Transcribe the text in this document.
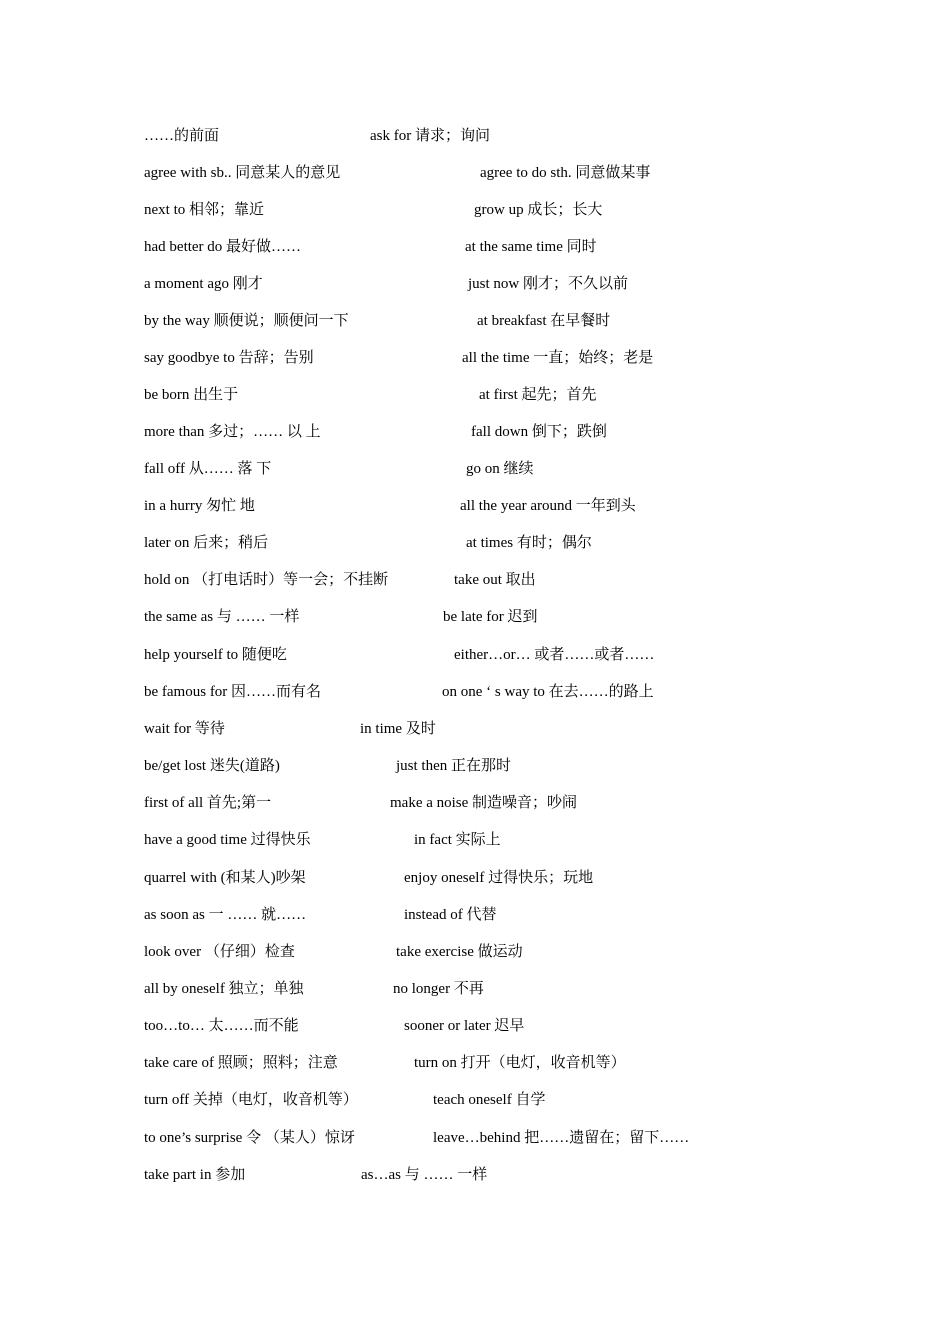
……的前面	ask for 请求；询问
agree with sb.. 同意某人的意见	agree to do sth. 同意做某事
next to 相邻；靠近	grow up 成长；长大
had better do 最好做……	at the same time 同时
a moment ago 刚才	just now 刚才；不久以前
by the way 顺便说；顺便问一下	at breakfast 在早餐时
say goodbye to 告辞；告别	all the time 一直；始终；老是
be born 出生于	at first 起先；首先
more than 多过；…… 以 上	fall down 倒下；跌倒
fall off 从…… 落 下	go on 继续
in a hurry 匆忙 地	all the year around 一年到头
later on 后来；稍后	at times 有时；偶尔
hold on （打电话时）等一会；不挂断	take out 取出
the same as 与 …… 一样	be late for 迟到
help yourself to 随便吃	either…or… 或者……或者……
be famous for 因……而有名	on one ‘ s way to 在去……的路上
wait for 等待	in time 及时
be/get lost 迷失(道路)	just then 正在那时
first of all 首先;第一	make a noise 制造噪音；吵闹
have a good time 过得快乐	in fact 实际上
quarrel with (和某人)吵架	enjoy oneself 过得快乐；玩地
as soon as 一 …… 就……	instead of 代替
look over （仔细）检查	take exercise 做运动
all by oneself 独立；单独	no longer 不再
too…to… 太……而不能	sooner or later 迟早
take care of 照顾；照料；注意	turn on 打开（电灯，收音机等）
turn off 关掉（电灯，收音机等）	teach oneself 自学
to one’s surprise 令 （某人）惊讶	leave…behind 把……遗留在；留下……
take part in 参加	as…as 与 …… 一样
